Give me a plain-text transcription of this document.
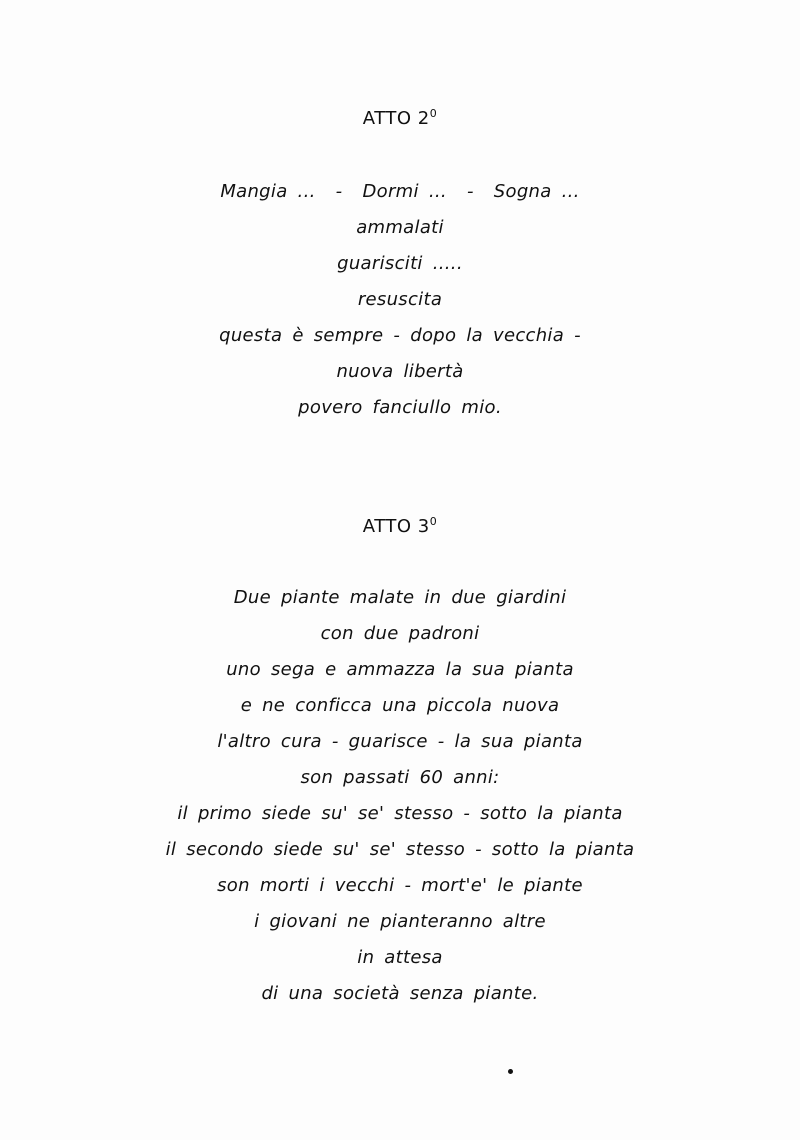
ATTO $2^0$
Mangia ...  -  Dormi ...  -  Sogna ...
ammalati
guarisciti .....
resuscita
questa è sempre - dopo la vecchia -
nuova libertà
povero fanciullo mio.
ATTO $3^0$
Due piante malate in due giardini
con due padroni
uno sega e ammazza la sua pianta
e ne conficca una piccola nuova
l'altro cura - guarisce - la sua pianta
son passati 60 anni:
il primo siede su' se' stesso - sotto la pianta
il secondo siede su' se' stesso - sotto la pianta
son morti i vecchi - mort'e' le piante
i giovani ne pianteranno altre
in attesa
di una società senza piante.
